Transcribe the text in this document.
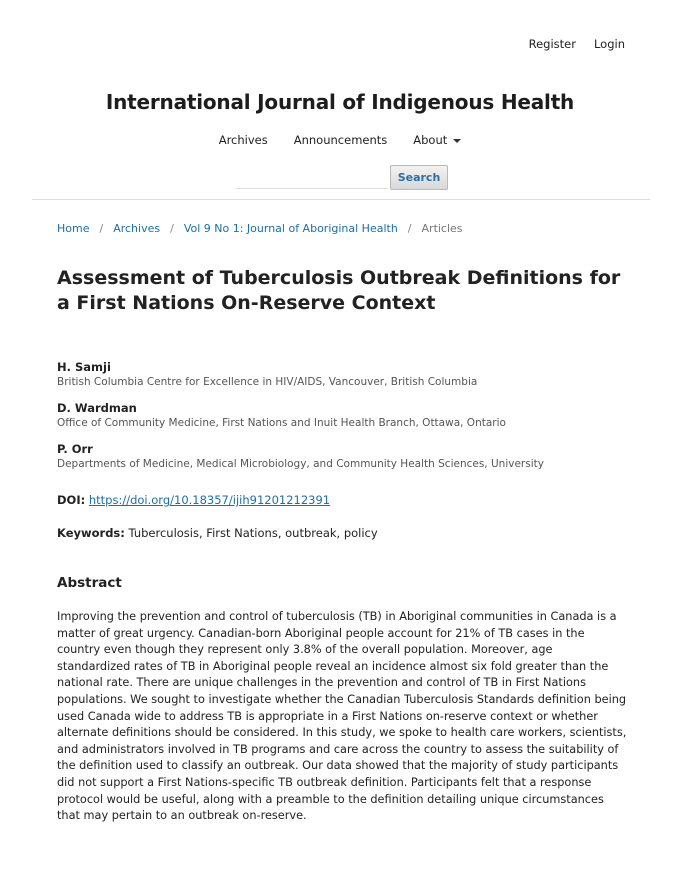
Register Login
International Journal of Indigenous Health
Archives Announcements About
Search
Home / Archives / Vol 9 No 1: Journal of Aboriginal Health / Articles
Assessment of Tuberculosis Outbreak Definitions for a First Nations On-Reserve Context
H. Samji
British Columbia Centre for Excellence in HIV/AIDS, Vancouver, British Columbia
D. Wardman
Office of Community Medicine, First Nations and Inuit Health Branch, Ottawa, Ontario
P. Orr
Departments of Medicine, Medical Microbiology, and Community Health Sciences, University
DOI: https://doi.org/10.18357/ijih91201212391
Keywords: Tuberculosis, First Nations, outbreak, policy
Abstract

Improving the prevention and control of tuberculosis (TB) in Aboriginal communities in Canada is a matter of great urgency. Canadian-born Aboriginal people account for 21% of TB cases in the country even though they represent only 3.8% of the overall population. Moreover, age standardized rates of TB in Aboriginal people reveal an incidence almost six fold greater than the national rate. There are unique challenges in the prevention and control of TB in First Nations populations. We sought to investigate whether the Canadian Tuberculosis Standards definition being used Canada wide to address TB is appropriate in a First Nations on-reserve context or whether alternate definitions should be considered. In this study, we spoke to health care workers, scientists, and administrators involved in TB programs and care across the country to assess the suitability of the definition used to classify an outbreak. Our data showed that the majority of study participants did not support a First Nations-specific TB outbreak definition. Participants felt that a response protocol would be useful, along with a preamble to the definition detailing unique circumstances that may pertain to an outbreak on-reserve.
